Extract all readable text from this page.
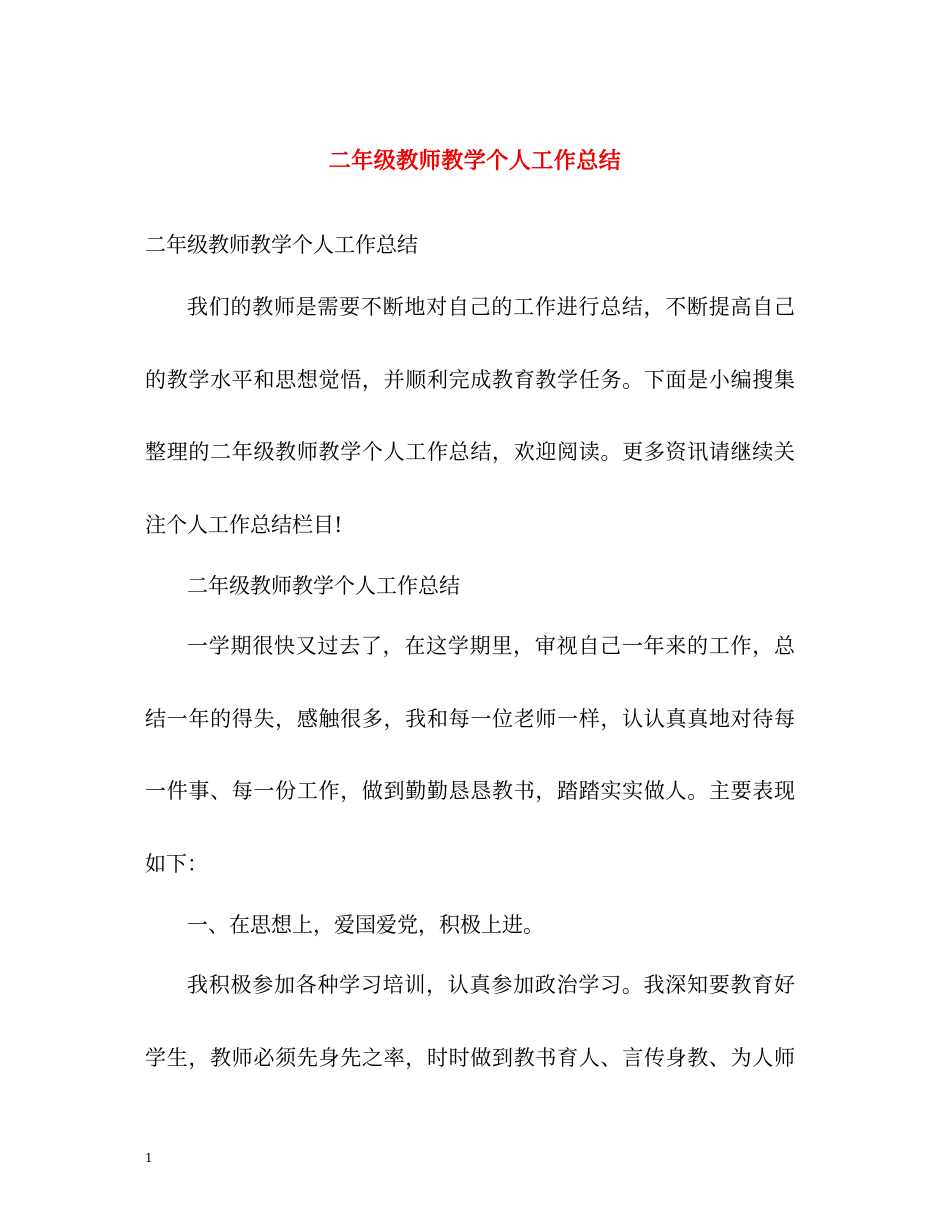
二年级教师教学个人工作总结
二年级教师教学个人工作总结
我们的教师是需要不断地对自己的工作进行总结，不断提高自己
的教学水平和思想觉悟，并顺利完成教育教学任务。下面是小编搜集
整理的二年级教师教学个人工作总结，欢迎阅读。更多资讯请继续关
注个人工作总结栏目!
二年级教师教学个人工作总结
一学期很快又过去了，在这学期里，审视自己一年来的工作，总
结一年的得失，感触很多，我和每一位老师一样，认认真真地对待每
一件事、每一份工作，做到勤勤恳恳教书，踏踏实实做人。主要表现
如下：
一、在思想上，爱国爱党，积极上进。
我积极参加各种学习培训，认真参加政治学习。我深知要教育好
学生，教师必须先身先之率，时时做到教书育人、言传身教、为人师
1
